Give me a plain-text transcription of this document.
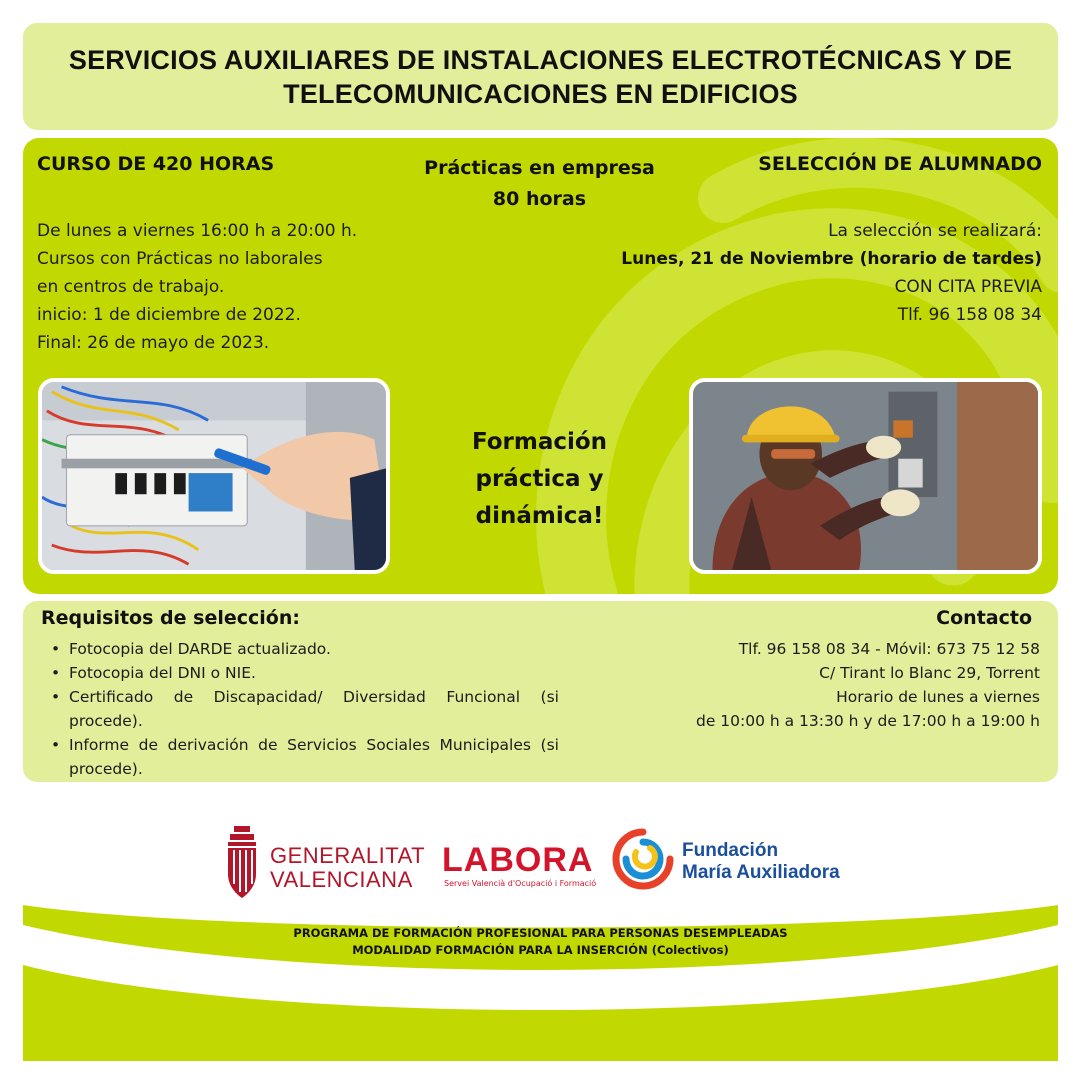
SERVICIOS AUXILIARES DE INSTALACIONES ELECTROTÉCNICAS Y DE
TELECOMUNICACIONES EN EDIFICIOS
CURSO DE 420 HORAS	Prácticas en empresa
80 horas
SELECCIÓN DE ALUMNADO
De lunes a viernes 16:00 h a 20:00 h.
Cursos con Prácticas no laborales
en centros de trabajo.
inicio: 1 de diciembre de 2022.
Final: 26 de mayo de 2023.
La selección se realizará:
Lunes, 21 de Noviembre (horario de tardes)
CON CITA PREVIA
Tlf. 96 158 08 34
Formación
práctica y
dinámica!
Requisitos de selección:
• Fotocopia del DARDE actualizado.
• Fotocopia del DNI o NIE.
• Certificado de Discapacidad/ Diversidad Funcional (si procede).
• Informe de derivación de Servicios Sociales Municipales (si procede).
Contacto
Tlf. 96 158 08 34 - Móvil: 673 75 12 58
C/ Tirant lo Blanc 29, Torrent
Horario de lunes a viernes
de 10:00 h a 13:30 h y de 17:00 h a 19:00 h
GENERALITAT
VALENCIANA
LABORA
Servei Valencià d'Ocupació i Formació
Fundación
María Auxiliadora
PROGRAMA DE FORMACIÓN PROFESIONAL PARA PERSONAS DESEMPLEADAS
MODALIDAD FORMACIÓN PARA LA INSERCIÓN (Colectivos)
